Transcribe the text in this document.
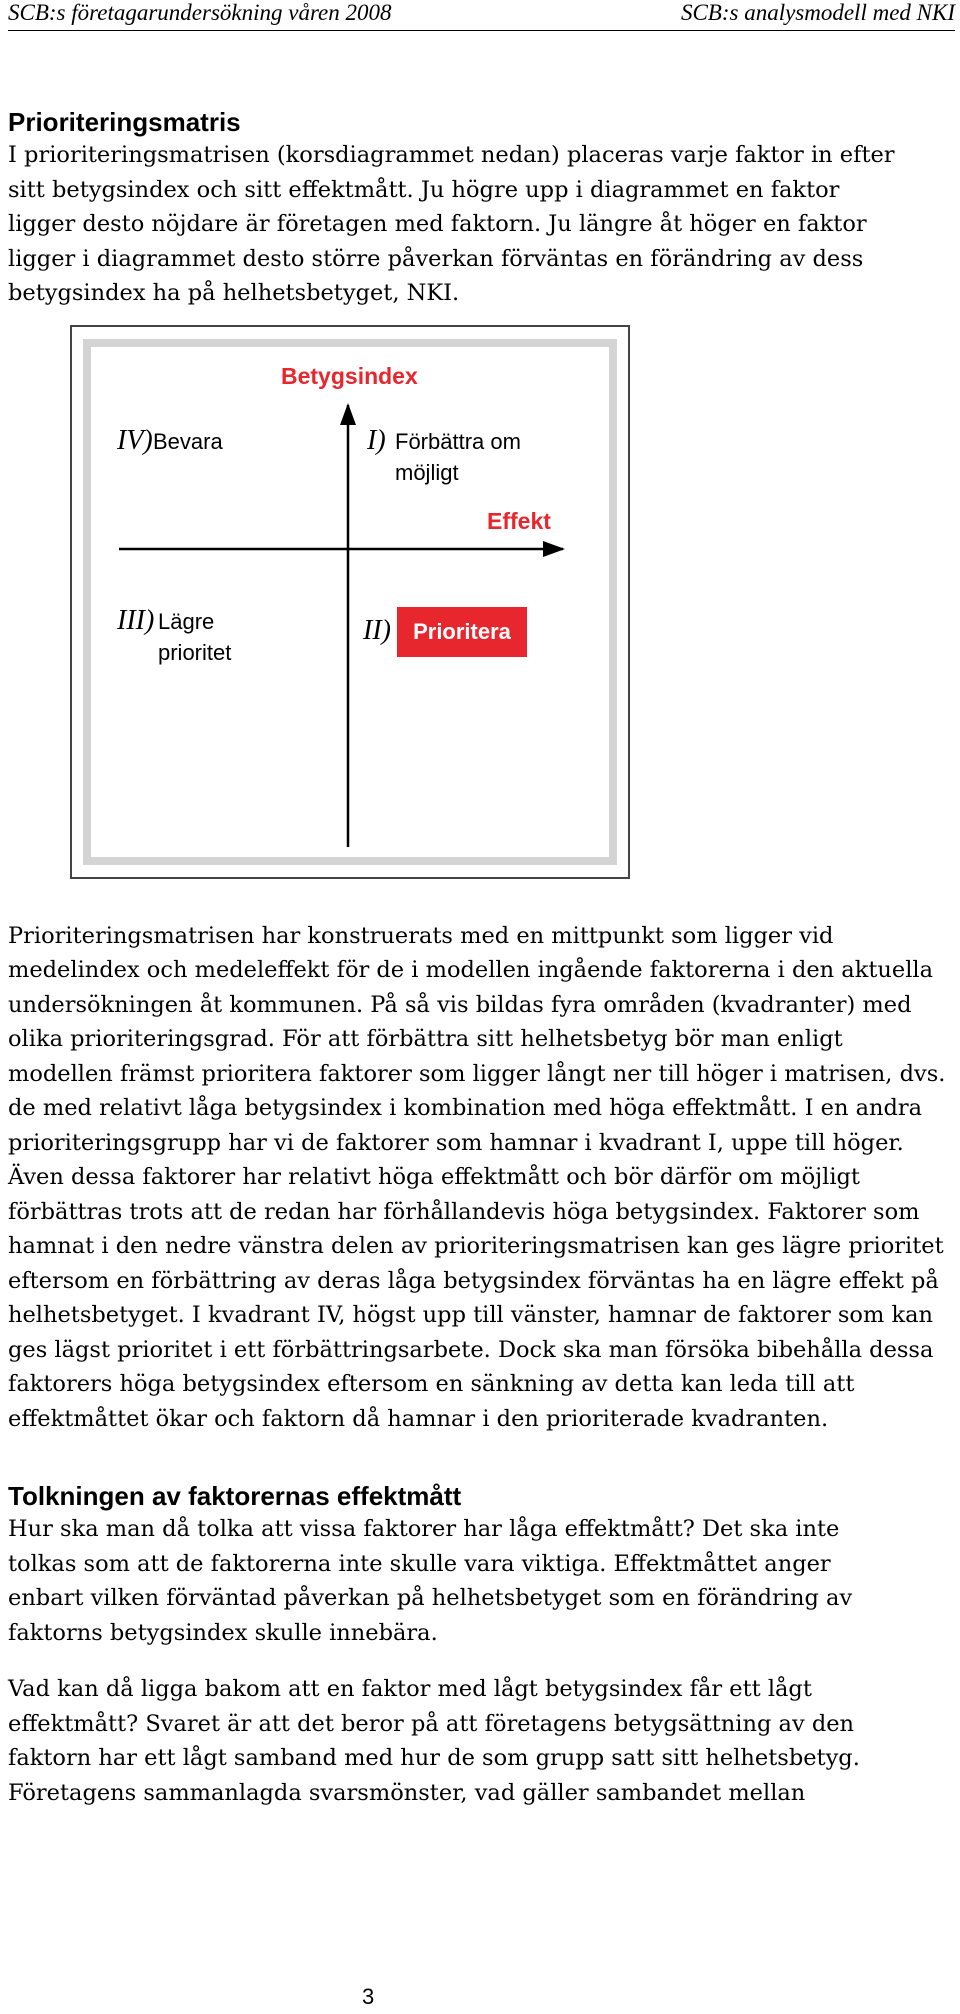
SCB:s företagarundersökning våren 2008	SCB:s analysmodell med NKI
Prioriteringsmatris

I prioriteringsmatrisen (korsdiagrammet nedan) placeras varje faktor in efter sitt betygsindex och sitt effektmått. Ju högre upp i diagrammet en faktor ligger desto nöjdare är företagen med faktorn. Ju längre åt höger en faktor ligger i diagrammet desto större påverkan förväntas en förändring av dess betygsindex ha på helhetsbetyget, NKI.

Betygsindex
Effekt
IV) Bevara	I) Förbättra om
möjligt
III) Lägre
prioritet
II) Prioritera

Prioriteringsmatrisen har konstruerats med en mittpunkt som ligger vid medelindex och medeleffekt för de i modellen ingående faktorerna i den aktuella undersökningen åt kommunen. På så vis bildas fyra områden (kvadranter) med olika prioriteringsgrad. För att förbättra sitt helhetsbetyg bör man enligt modellen främst prioritera faktorer som ligger långt ner till höger i matrisen, dvs. de med relativt låga betygsindex i kombination med höga effektmått. I en andra prioriteringsgrupp har vi de faktorer som hamnar i kvadrant I, uppe till höger. Även dessa faktorer har relativt höga effektmått och bör därför om möjligt förbättras trots att de redan har förhållandevis höga betygsindex. Faktorer som hamnat i den nedre vänstra delen av prioriteringsmatrisen kan ges lägre prioritet eftersom en förbättring av deras låga betygsindex förväntas ha en lägre effekt på helhetsbetyget. I kvadrant IV, högst upp till vänster, hamnar de faktorer som kan ges lägst prioritet i ett förbättringsarbete. Dock ska man försöka bibehålla dessa faktorers höga betygsindex eftersom en sänkning av detta kan leda till att effektmåttet ökar och faktorn då hamnar i den prioriterade kvadranten.

Tolkningen av faktorernas effektmått

Hur ska man då tolka att vissa faktorer har låga effektmått? Det ska inte tolkas som att de faktorerna inte skulle vara viktiga. Effektmåttet anger enbart vilken förväntad påverkan på helhetsbetyget som en förändring av faktorns betygsindex skulle innebära.

Vad kan då ligga bakom att en faktor med lågt betygsindex får ett lågt effektmått? Svaret är att det beror på att företagens betygsättning av den faktorn har ett lågt samband med hur de som grupp satt sitt helhetsbetyg. Företagens sammanlagda svarsmönster, vad gäller sambandet mellan

3
